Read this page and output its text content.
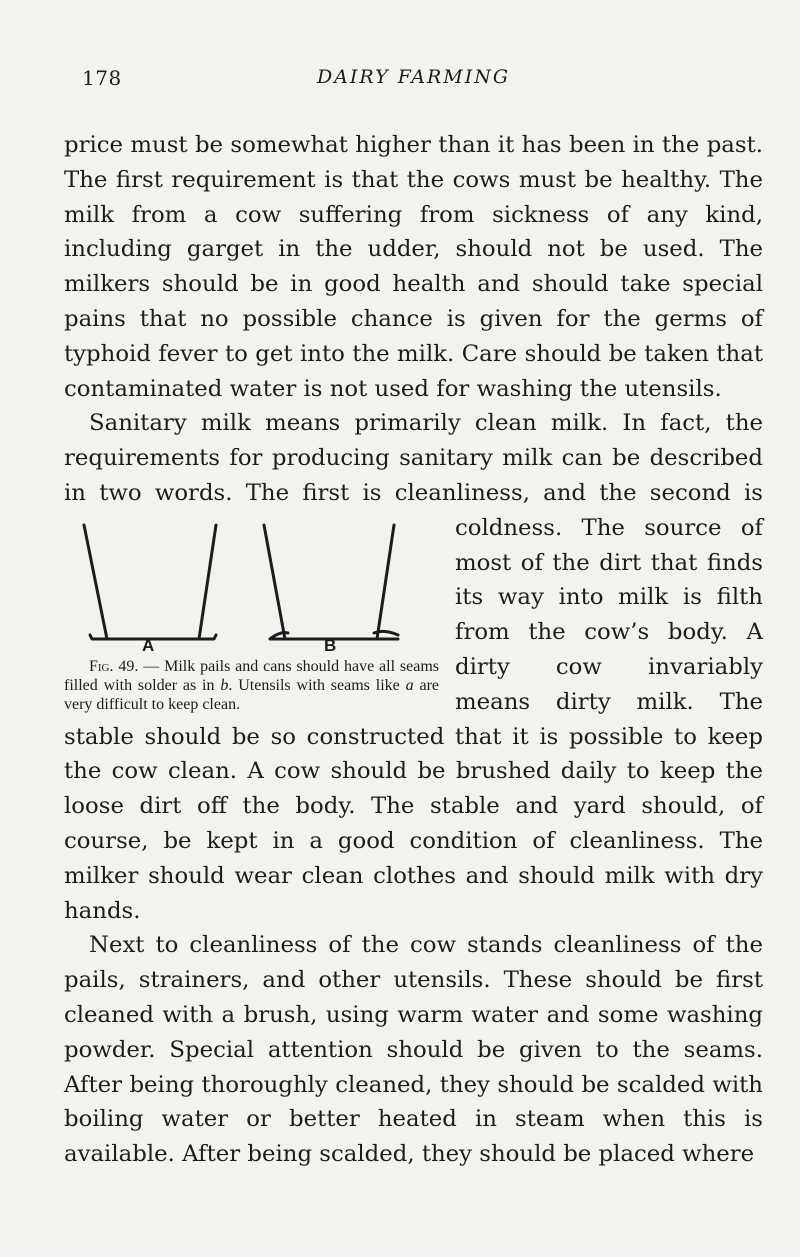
178	DAIRY FARMING

price must be somewhat higher than it has been in the past. The first requirement is that the cows must be healthy. The milk from a cow suffering from sickness of any kind, including garget in the udder, should not be used. The milkers should be in good health and should take special pains that no possible chance is given for the germs of typhoid fever to get into the milk. Care should be taken that contaminated water is not used for washing the utensils.

Sanitary milk means primarily clean milk. In fact, the requirements for producing sanitary milk can be described in two words. The first is cleanliness, and the second
A	B
Fig. 49. — Milk pails and cans should have all seams filled with solder as in b. Utensils with seams like a are very difficult to keep clean.
is coldness. The source of most of the dirt that finds its way into milk is filth from the cow’s body. A dirty cow invariably means dirty milk. The stable should be so constructed that it is possible to keep the cow clean. A cow should be brushed daily to keep the loose dirt off the body. The stable and yard should, of course, be kept in a good condition of cleanliness. The milker should wear clean clothes and should milk with dry hands.

Next to cleanliness of the cow stands cleanliness of the pails, strainers, and other utensils. These should be first cleaned with a brush, using warm water and some washing powder. Special attention should be given to the seams. After being thoroughly cleaned, they should be scalded with boiling water or better heated in steam when this is available. After being scalded, they should be placed where
